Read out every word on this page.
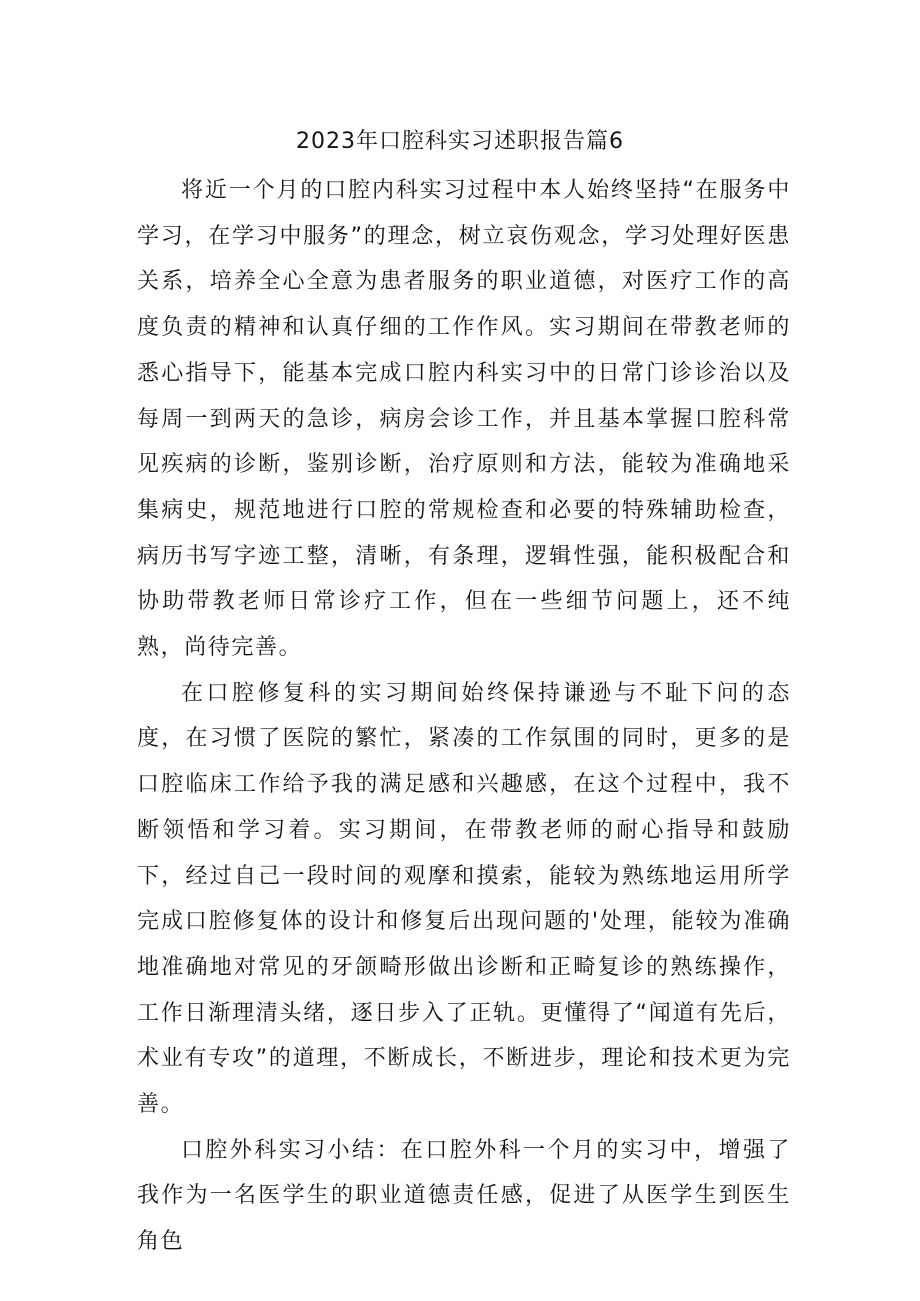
2023年口腔科实习述职报告篇6

将近一个月的口腔内科实习过程中本人始终坚持“在服务中学习，在学习中服务”的理念，树立哀伤观念，学习处理好医患关系，培养全心全意为患者服务的职业道德，对医疗工作的高度负责的精神和认真仔细的工作作风。实习期间在带教老师的悉心指导下，能基本完成口腔内科实习中的日常门诊诊治以及每周一到两天的急诊，病房会诊工作，并且基本掌握口腔科常见疾病的诊断，鉴别诊断，治疗原则和方法，能较为准确地采集病史，规范地进行口腔的常规检查和必要的特殊辅助检查，病历书写字迹工整，清晰，有条理，逻辑性强，能积极配合和协助带教老师日常诊疗工作，但在一些细节问题上，还不纯熟，尚待完善。

在口腔修复科的实习期间始终保持谦逊与不耻下问的态度，在习惯了医院的繁忙，紧凑的工作氛围的同时，更多的是口腔临床工作给予我的满足感和兴趣感，在这个过程中，我不断领悟和学习着。实习期间，在带教老师的耐心指导和鼓励下，经过自己一段时间的观摩和摸索，能较为熟练地运用所学完成口腔修复体的设计和修复后出现问题的'处理，能较为准确地准确地对常见的牙颌畸形做出诊断和正畸复诊的熟练操作，工作日渐理清头绪，逐日步入了正轨。更懂得了“闻道有先后，术业有专攻”的道理，不断成长，不断进步，理论和技术更为完善。

口腔外科实习小结：在口腔外科一个月的实习中，增强了我作为一名医学生的职业道德责任感，促进了从医学生到医生角色
